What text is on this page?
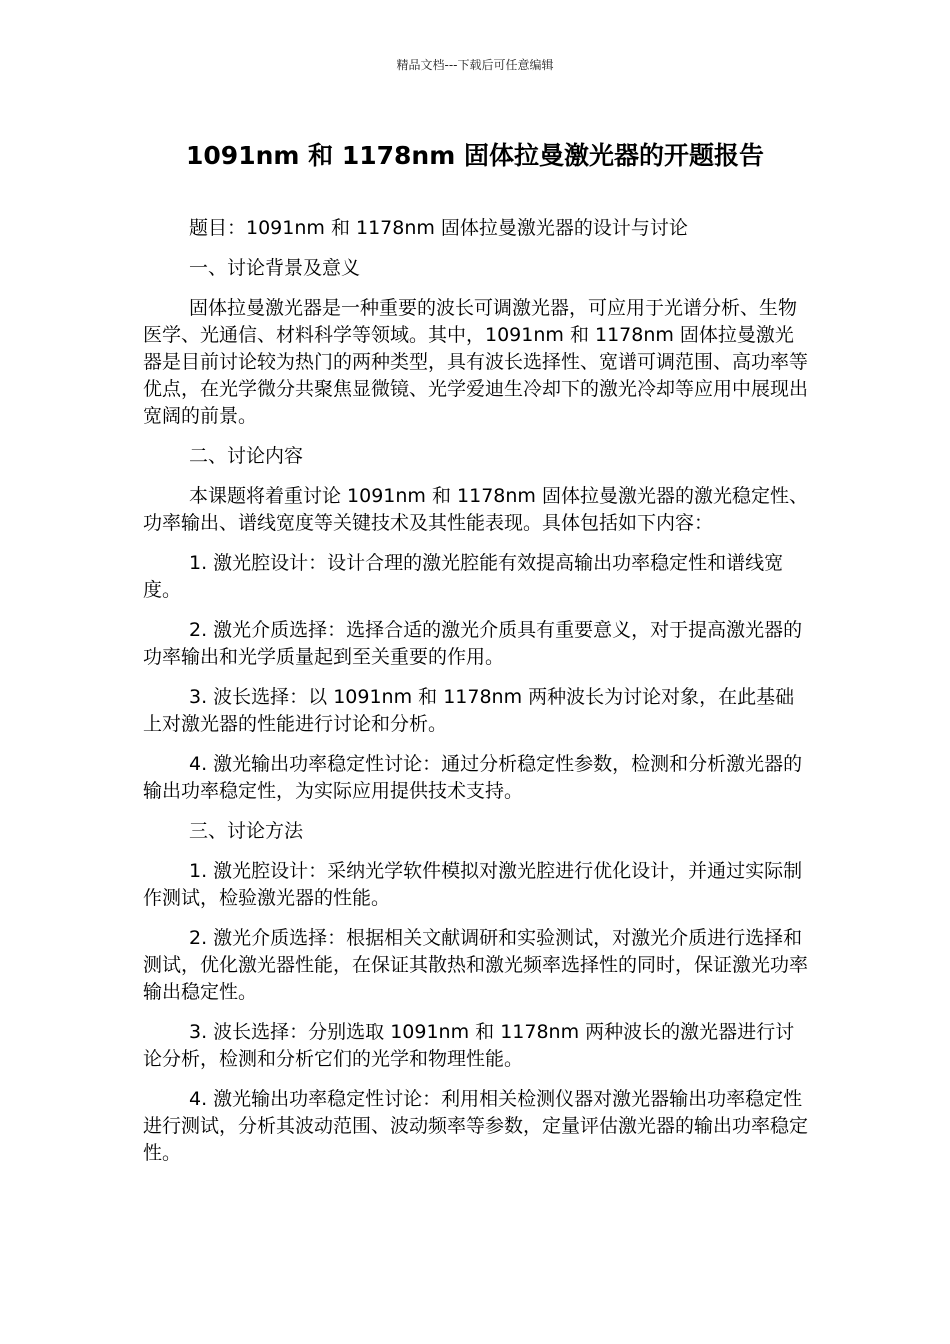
精品文档---下载后可任意编辑
1091nm 和 1178nm 固体拉曼激光器的开题报告

题目：1091nm 和 1178nm 固体拉曼激光器的设计与讨论

一、讨论背景及意义

固体拉曼激光器是一种重要的波长可调激光器，可应用于光谱分析、生物医学、光通信、材料科学等领域。其中，1091nm 和 1178nm 固体拉曼激光器是目前讨论较为热门的两种类型，具有波长选择性、宽谱可调范围、高功率等优点，在光学微分共聚焦显微镜、光学爱迪生冷却下的激光冷却等应用中展现出宽阔的前景。

二、讨论内容

本课题将着重讨论 1091nm 和 1178nm 固体拉曼激光器的激光稳定性、功率输出、谱线宽度等关键技术及其性能表现。具体包括如下内容：

1. 激光腔设计：设计合理的激光腔能有效提高输出功率稳定性和谱线宽度。

2. 激光介质选择：选择合适的激光介质具有重要意义，对于提高激光器的功率输出和光学质量起到至关重要的作用。

3. 波长选择：以 1091nm 和 1178nm 两种波长为讨论对象，在此基础上对激光器的性能进行讨论和分析。

4. 激光输出功率稳定性讨论：通过分析稳定性参数，检测和分析激光器的输出功率稳定性，为实际应用提供技术支持。

三、讨论方法

1. 激光腔设计：采纳光学软件模拟对激光腔进行优化设计，并通过实际制作测试，检验激光器的性能。

2. 激光介质选择：根据相关文献调研和实验测试，对激光介质进行选择和测试，优化激光器性能，在保证其散热和激光频率选择性的同时，保证激光功率输出稳定性。

3. 波长选择：分别选取 1091nm 和 1178nm 两种波长的激光器进行讨论分析，检测和分析它们的光学和物理性能。

4. 激光输出功率稳定性讨论：利用相关检测仪器对激光器输出功率稳定性进行测试，分析其波动范围、波动频率等参数，定量评估激光器的输出功率稳定性。
